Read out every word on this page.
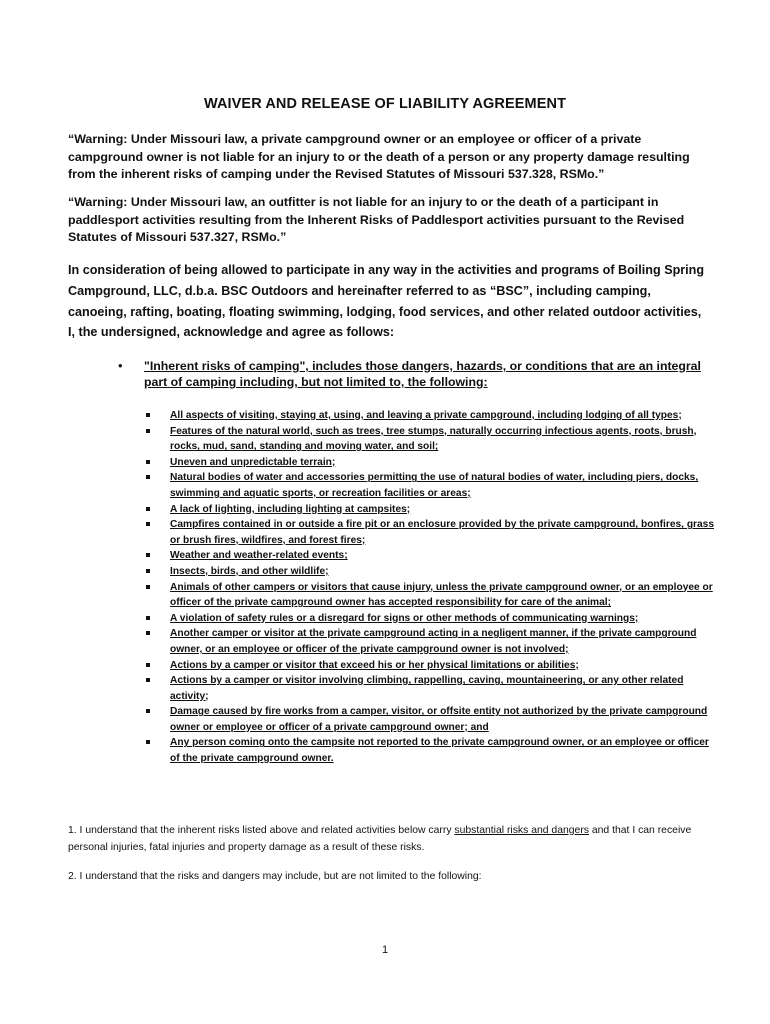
WAIVER AND RELEASE OF LIABILITY AGREEMENT
“Warning: Under Missouri law, a private campground owner or an employee or officer of a private campground owner is not liable for an injury to or the death of a person or any property damage resulting from the inherent risks of camping under the Revised Statutes of Missouri 537.328, RSMo.”
“Warning: Under Missouri law, an outfitter is not liable for an injury to or the death of a participant in paddlesport activities resulting from the Inherent Risks of Paddlesport activities pursuant to the Revised Statutes of Missouri 537.327, RSMo.”
In consideration of being allowed to participate in any way in the activities and programs of Boiling Spring Campground, LLC, d.b.a. BSC Outdoors and hereinafter referred to as “BSC”, including camping, canoeing, rafting, boating, floating swimming, lodging, food services, and other related outdoor activities, I, the undersigned, acknowledge and agree as follows:
• "Inherent risks of camping", includes those dangers, hazards, or conditions that are an integral part of camping including, but not limited to, the following:
All aspects of visiting, staying at, using, and leaving a private campground, including lodging of all types;
Features of the natural world, such as trees, tree stumps, naturally occurring infectious agents, roots, brush, rocks, mud, sand, standing and moving water, and soil;
Uneven and unpredictable terrain;
Natural bodies of water and accessories permitting the use of natural bodies of water, including piers, docks, swimming and aquatic sports, or recreation facilities or areas;
A lack of lighting, including lighting at campsites;
Campfires contained in or outside a fire pit or an enclosure provided by the private campground, bonfires, grass or brush fires, wildfires, and forest fires;
Weather and weather-related events;
Insects, birds, and other wildlife;
Animals of other campers or visitors that cause injury, unless the private campground owner, or an employee or officer of the private campground owner has accepted responsibility for care of the animal;
A violation of safety rules or a disregard for signs or other methods of communicating warnings;
Another camper or visitor at the private campground acting in a negligent manner, if the private campground owner, or an employee or officer of the private campground owner is not involved;
Actions by a camper or visitor that exceed his or her physical limitations or abilities;
Actions by a camper or visitor involving climbing, rappelling, caving, mountaineering, or any other related activity;
Damage caused by fire works from a camper, visitor, or offsite entity not authorized by the private campground owner or employee or officer of a private campground owner; and
Any person coming onto the campsite not reported to the private campground owner, or an employee or officer of the private campground owner.
1. I understand that the inherent risks listed above and related activities below carry substantial risks and dangers and that I can receive personal injuries, fatal injuries and property damage as a result of these risks.
2. I understand that the risks and dangers may include, but are not limited to the following:
1
